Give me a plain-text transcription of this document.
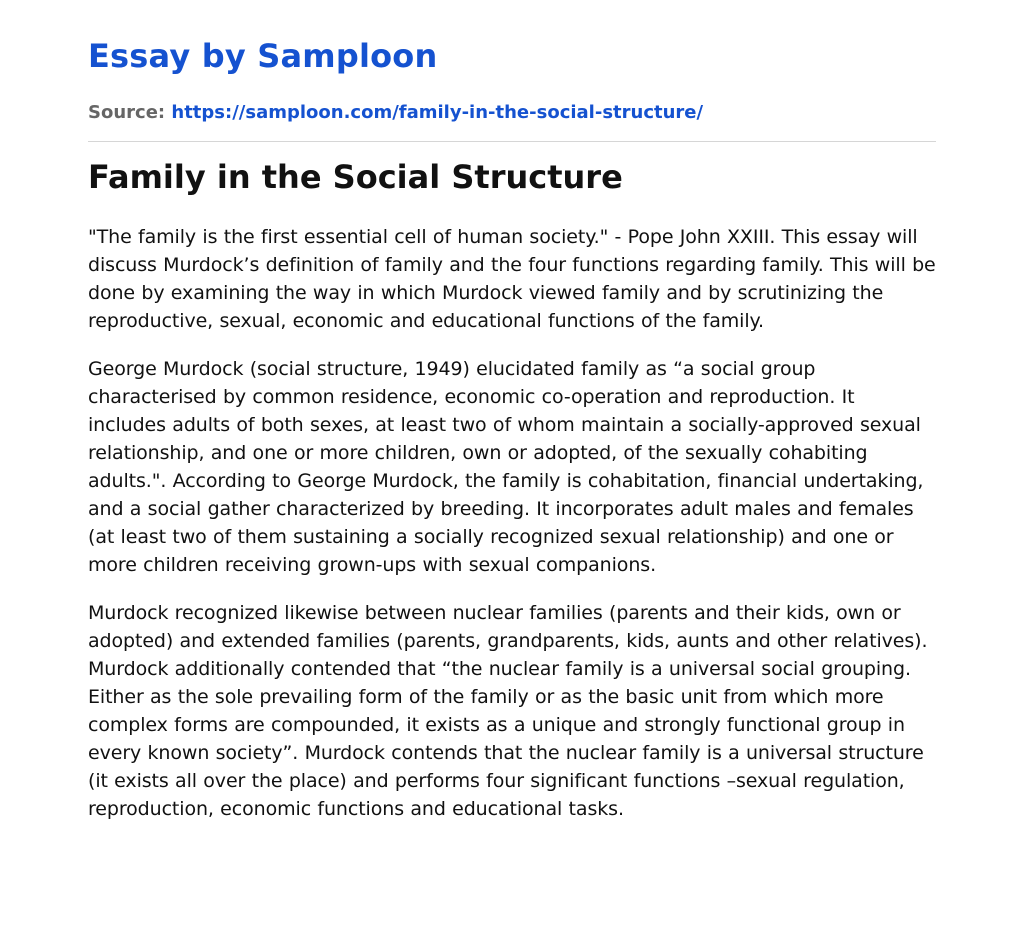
Essay by Samploon
Source: https://samploon.com/family-in-the-social-structure/
Family in the Social Structure

"The family is the first essential cell of human society." - Pope John XXIII. This essay will discuss Murdock’s definition of family and the four functions regarding family. This will be done by examining the way in which Murdock viewed family and by scrutinizing the reproductive, sexual, economic and educational functions of the family.

George Murdock (social structure, 1949) elucidated family as “a social group characterised by common residence, economic co-operation and reproduction. It includes adults of both sexes, at least two of whom maintain a socially-approved sexual relationship, and one or more children, own or adopted, of the sexually cohabiting adults.". According to George Murdock, the family is cohabitation, financial undertaking, and a social gather characterized by breeding. It incorporates adult males and females (at least two of them sustaining a socially recognized sexual relationship) and one or more children receiving grown-ups with sexual companions.

Murdock recognized likewise between nuclear families (parents and their kids, own or adopted) and extended families (parents, grandparents, kids, aunts and other relatives). Murdock additionally contended that “the nuclear family is a universal social grouping. Either as the sole prevailing form of the family or as the basic unit from which more complex forms are compounded, it exists as a unique and strongly functional group in every known society”. Murdock contends that the nuclear family is a universal structure (it exists all over the place) and performs four significant functions –sexual regulation, reproduction, economic functions and educational tasks.
